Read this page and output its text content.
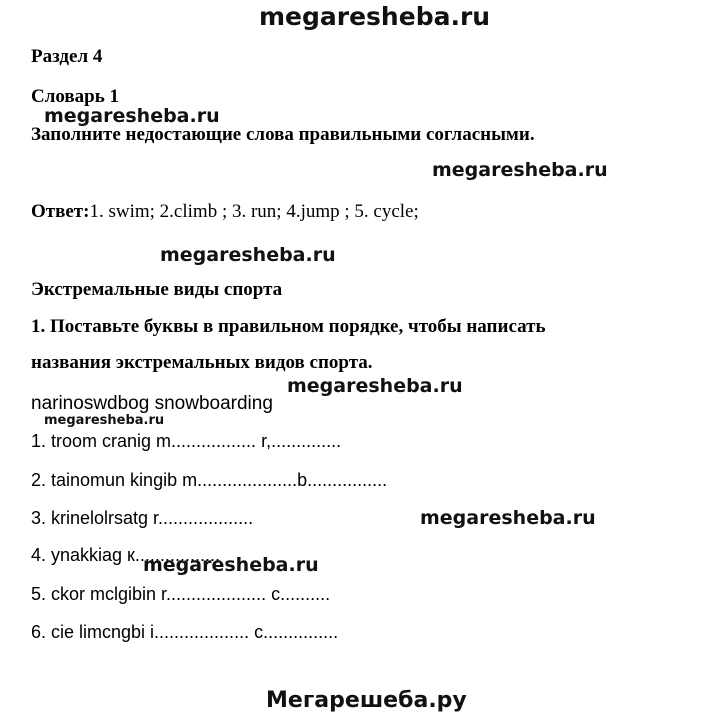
megaresheba.ru
Раздел 4
Словарь 1
megaresheba.ru
Заполните недостающие слова правильными согласными.
megaresheba.ru
Ответ:1. swim; 2.climb ; 3. run; 4.jump ; 5. cycle;
megaresheba.ru
Экстремальные виды спорта
1. Поставьте буквы в правильном порядке, чтобы написать
названия экстремальных видов спорта.
megaresheba.ru
narinoswdbog snowboarding
megaresheba.ru
1. troom cranig m................. r,..............
2. tainomun kingib m....................b................
3. krinelolrsatg r...................	megaresheba.ru
4. ynakkiag к.................
megaresheba.ru
5. ckor mclgibin r.................... c..........
6. cie limcngbi i................... c...............
Мегарешеба.ру
